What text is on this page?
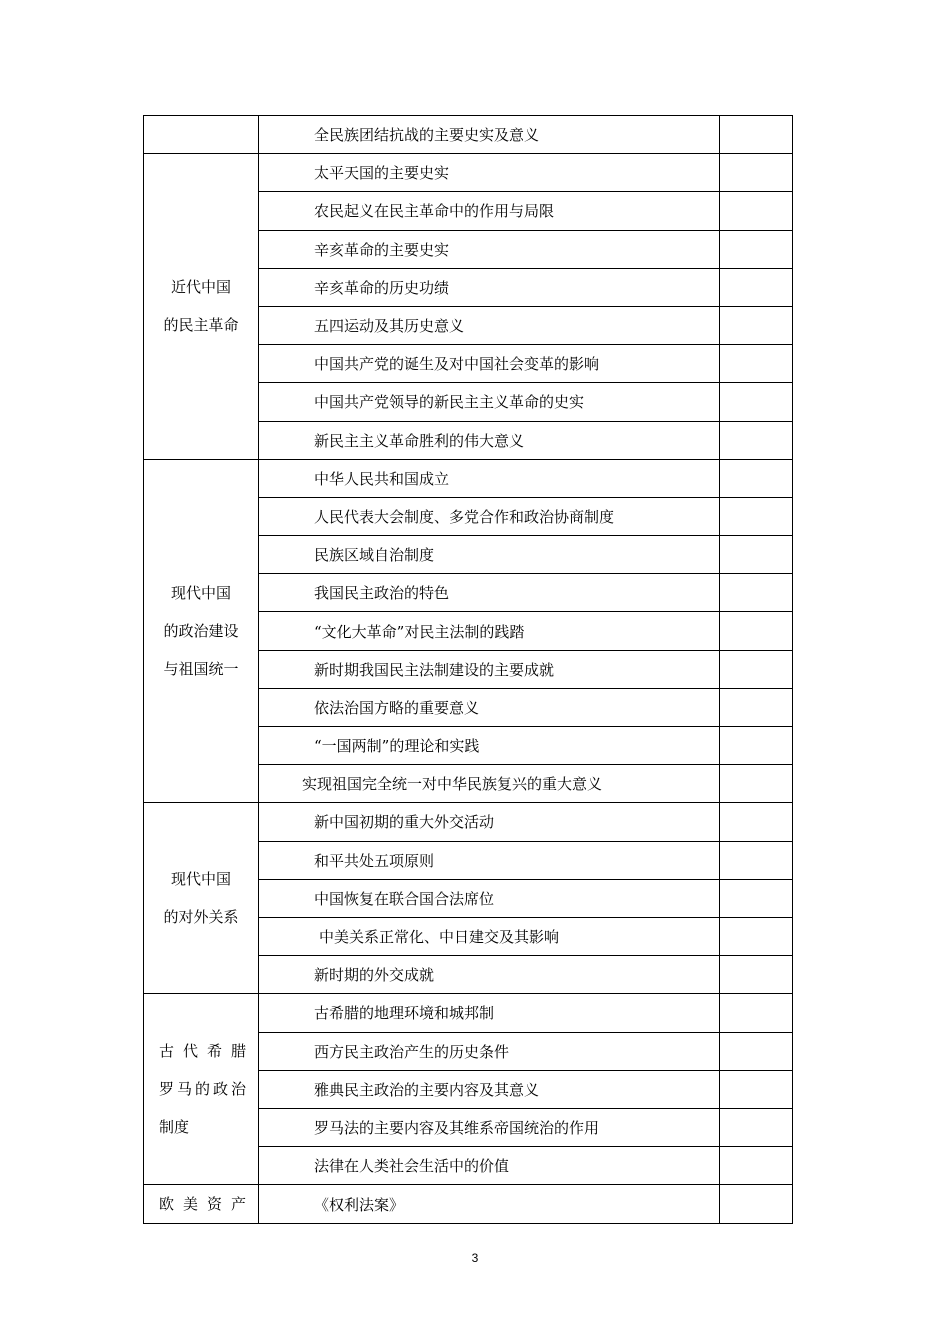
	全民族团结抗战的主要史实及意义	

近代中国
的民主革命	太平天国的主要史实	
	农民起义在民主革命中的作用与局限	
	辛亥革命的主要史实	
	辛亥革命的历史功绩	
	五四运动及其历史意义	
	中国共产党的诞生及对中国社会变革的影响	
	中国共产党领导的新民主主义革命的史实	
	新民主主义革命胜利的伟大意义	

现代中国
的政治建设
与祖国统一	中华人民共和国成立	
	人民代表大会制度、多党合作和政治协商制度	
	民族区域自治制度	
	我国民主政治的特色	
	“文化大革命”对民主法制的践踏	
	新时期我国民主法制建设的主要成就	
	依法治国方略的重要意义	
	“一国两制”的理论和实践	
	实现祖国完全统一对中华民族复兴的重大意义	

现代中国
的对外关系	新中国初期的重大外交活动	
	和平共处五项原则	
	中国恢复在联合国合法席位	
	中美关系正常化、中日建交及其影响	
	新时期的外交成就	

古代希腊
罗马的政治
制度	古希腊的地理环境和城邦制	
	西方民主政治产生的历史条件	
	雅典民主政治的主要内容及其意义	
	罗马法的主要内容及其维系帝国统治的作用	
	法律在人类社会生活中的价值	

欧美资产	《权利法案》	
3
